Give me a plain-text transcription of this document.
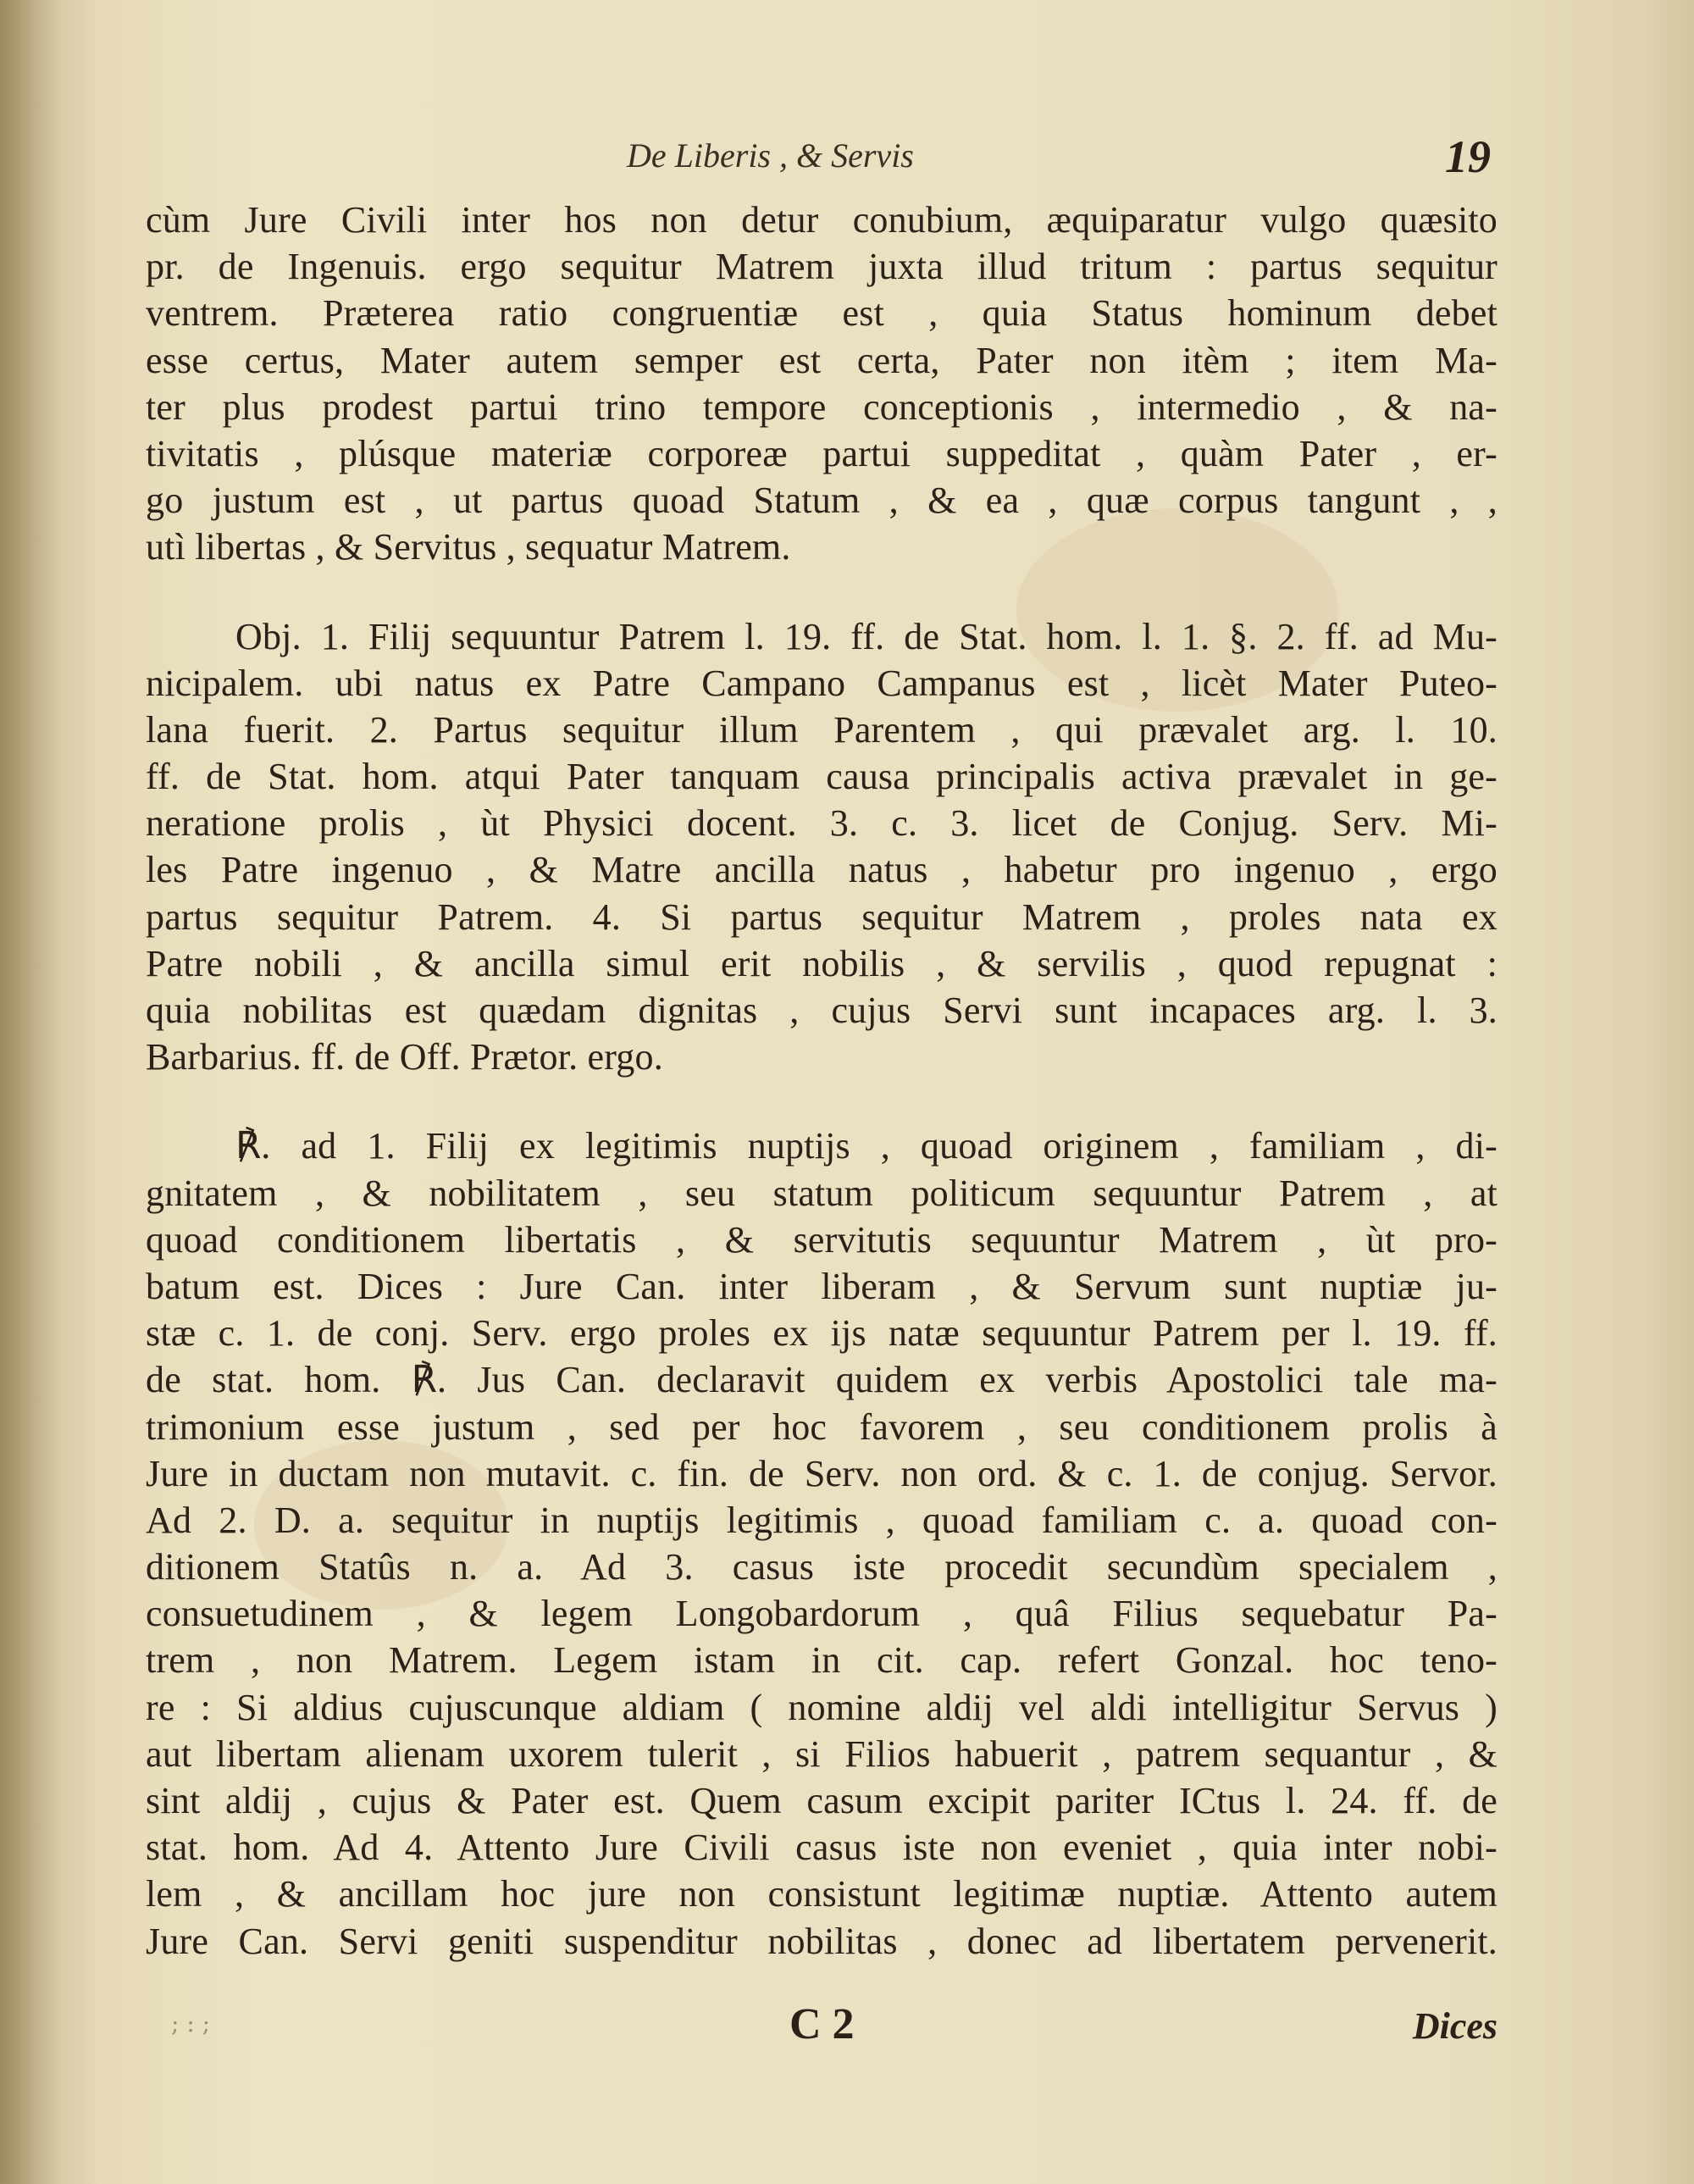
De Liberis , & Servis	19
cùm Jure Civili inter hos non detur conubium, æquiparatur vulgo quæsito
pr. de Ingenuis. ergo sequitur Matrem juxta illud tritum : partus sequitur
ventrem. Præterea ratio congruentiæ est , quia Status hominum debet
esse certus, Mater autem semper est certa, Pater non itèm ; item Ma-
ter plus prodest partui trino tempore conceptionis , intermedio , & na-
tivitatis , plúsque materiæ corporeæ partui suppeditat , quàm Pater , er-
go justum est , ut partus quoad Statum , & ea , quæ corpus tangunt , ,
utì libertas , & Servitus , sequatur Matrem.
Obj. 1. Filij sequuntur Patrem l. 19. ff. de Stat. hom. l. 1. §. 2. ff. ad Mu-
nicipalem. ubi natus ex Patre Campano Campanus est , licèt Mater Puteo-
lana fuerit. 2. Partus sequitur illum Parentem , qui prævalet arg. l. 10.
ff. de Stat. hom. atqui Pater tanquam causa principalis activa prævalet in ge-
neratione prolis , ùt Physici docent. 3. c. 3. licet de Conjug. Serv. Mi-
les Patre ingenuo , & Matre ancilla natus , habetur pro ingenuo , ergo
partus sequitur Patrem. 4. Si partus sequitur Matrem , proles nata ex
Patre nobili , & ancilla simul erit nobilis , & servilis , quod repugnat :
quia nobilitas est quædam dignitas , cujus Servi sunt incapaces arg. l. 3.
Barbarius. ff. de Off. Prætor. ergo.
℟. ad 1. Filij ex legitimis nuptijs , quoad originem , familiam , di-
gnitatem , & nobilitatem , seu statum politicum sequuntur Patrem , at
quoad conditionem libertatis , & servitutis sequuntur Matrem , ùt pro-
batum est. Dices : Jure Can. inter liberam , & Servum sunt nuptiæ ju-
stæ c. 1. de conj. Serv. ergo proles ex ijs natæ sequuntur Patrem per l. 19. ff.
de stat. hom. ℟. Jus Can. declaravit quidem ex verbis Apostolici tale ma-
trimonium esse justum , sed per hoc favorem , seu conditionem prolis à
Jure in ductam non mutavit. c. fin. de Serv. non ord. & c. 1. de conjug. Servor.
Ad 2. D. a. sequitur in nuptijs legitimis , quoad familiam c. a. quoad con-
ditionem Statûs n. a. Ad 3. casus iste procedit secundùm specialem ,
consuetudinem , & legem Longobardorum , quâ Filius sequebatur Pa-
trem , non Matrem. Legem istam in cit. cap. refert Gonzal. hoc teno-
re : Si aldius cujuscunque aldiam ( nomine aldij vel aldi intelligitur Servus )
aut libertam alienam uxorem tulerit , si Filios habuerit , patrem sequantur , &
sint aldij , cujus & Pater est. Quem casum excipit pariter ICtus l. 24. ff. de
stat. hom. Ad 4. Attento Jure Civili casus iste non eveniet , quia inter nobi-
lem , & ancillam hoc jure non consistunt legitimæ nuptiæ. Attento autem
Jure Can. Servi geniti suspenditur nobilitas , donec ad libertatem pervenerit.
; : ;	C 2	Dices
